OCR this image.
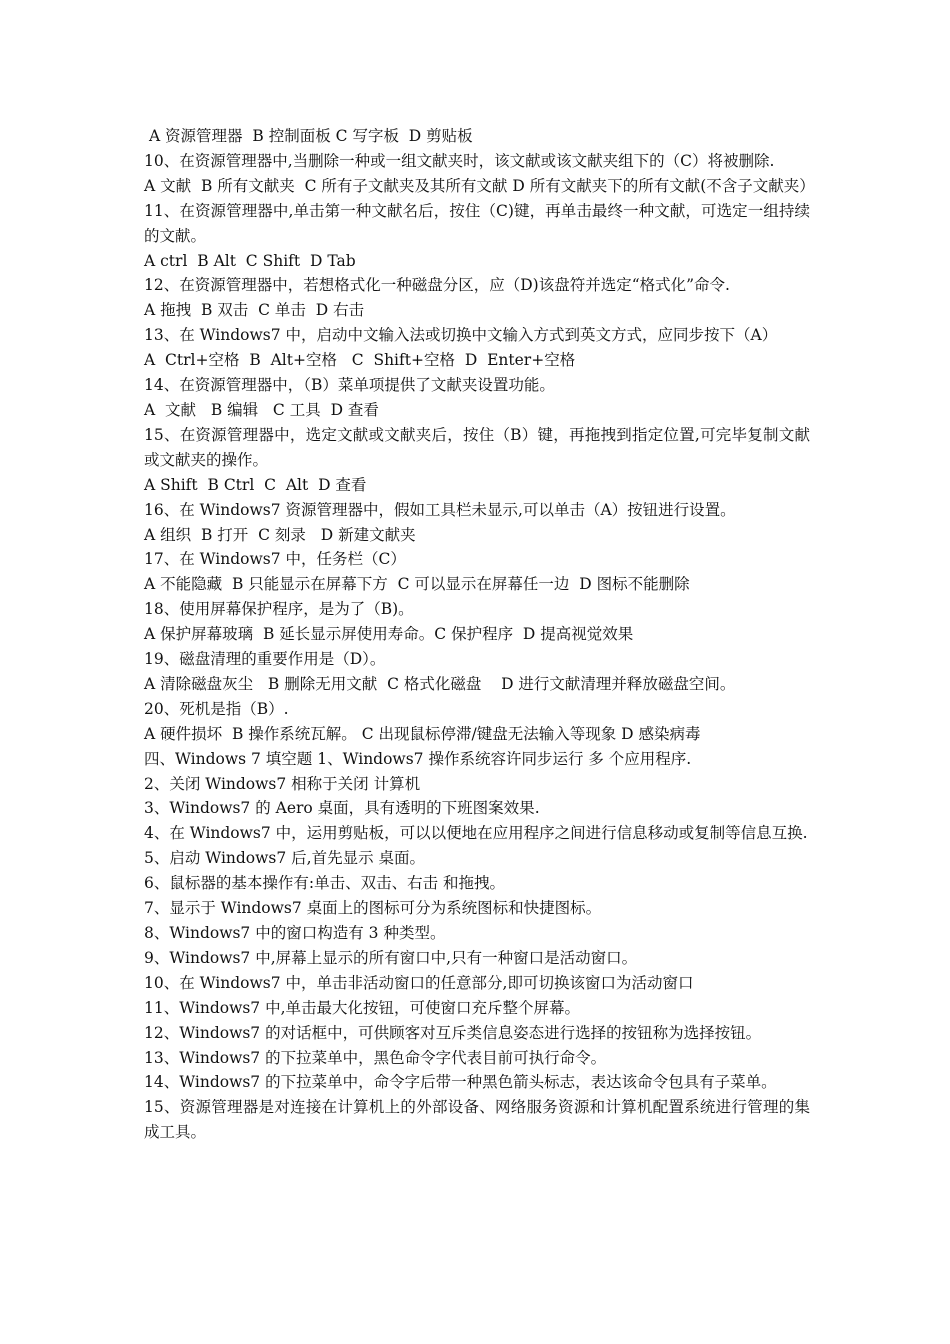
A 资源管理器  B 控制面板 C 写字板  D 剪贴板

10、在资源管理器中,当删除一种或一组文献夹时，该文献或该文献夹组下的（C）将被删除.

A 文献  B 所有文献夹  C 所有子文献夹及其所有文献 D 所有文献夹下的所有文献(不含子文献夹）

11、在资源管理器中,单击第一种文献名后，按住（C)键，再单击最终一种文献，可选定一组持续的文献。

A ctrl  B Alt  C Shift  D Tab

12、在资源管理器中，若想格式化一种磁盘分区，应（D)该盘符并选定“格式化”命令.

A 拖拽  B 双击  C 单击  D 右击

13、在 Windows7 中，启动中文输入法或切换中文输入方式到英文方式，应同步按下（A）

A  Ctrl+空格  B  Alt+空格   C  Shift+空格  D  Enter+空格

14、在资源管理器中，（B）菜单项提供了文献夹设置功能。

A  文献   B 编辑   C 工具  D 查看

15、在资源管理器中，选定文献或文献夹后，按住（B）键，再拖拽到指定位置,可完毕复制文献或文献夹的操作。

A Shift  B Ctrl  C  Alt  D 查看

16、在 Windows7 资源管理器中，假如工具栏未显示,可以单击（A）按钮进行设置。

A 组织  B 打开  C 刻录   D 新建文献夹

17、在 Windows7 中，任务栏（C）

A 不能隐藏  B 只能显示在屏幕下方  C 可以显示在屏幕任一边  D 图标不能删除

18、使用屏幕保护程序，是为了（B)。

A 保护屏幕玻璃  B 延长显示屏使用寿命。C 保护程序  D 提高视觉效果

19、磁盘清理的重要作用是（D）。

A 清除磁盘灰尘   B 删除无用文献  C 格式化磁盘    D 进行文献清理并释放磁盘空间。

20、死机是指（B）.

A 硬件损坏  B 操作系统瓦解。 C 出现鼠标停滞/键盘无法输入等现象 D 感染病毒

四、Windows 7 填空题 1、Windows7 操作系统容许同步运行 多 个应用程序.

2、关闭 Windows7 相称于关闭 计算机

3、Windows7 的 Aero 桌面，具有透明的下班图案效果.

4、在 Windows7 中，运用剪贴板，可以以便地在应用程序之间进行信息移动或复制等信息互换.

5、启动 Windows7 后,首先显示 桌面。

6、鼠标器的基本操作有:单击、双击、右击 和拖拽。

7、显示于 Windows7 桌面上的图标可分为系统图标和快捷图标。

8、Windows7 中的窗口构造有 3 种类型。

9、Windows7 中,屏幕上显示的所有窗口中,只有一种窗口是活动窗口。

10、在 Windows7 中，单击非活动窗口的任意部分,即可切换该窗口为活动窗口

11、Windows7 中,单击最大化按钮，可使窗口充斥整个屏幕。

12、Windows7 的对话框中，可供顾客对互斥类信息姿态进行选择的按钮称为选择按钮。

13、Windows7 的下拉菜单中，黑色命令字代表目前可执行命令。

14、Windows7 的下拉菜单中，命令字后带一种黑色箭头标志，表达该命令包具有子菜单。

15、资源管理器是对连接在计算机上的外部设备、网络服务资源和计算机配置系统进行管理的集成工具。
